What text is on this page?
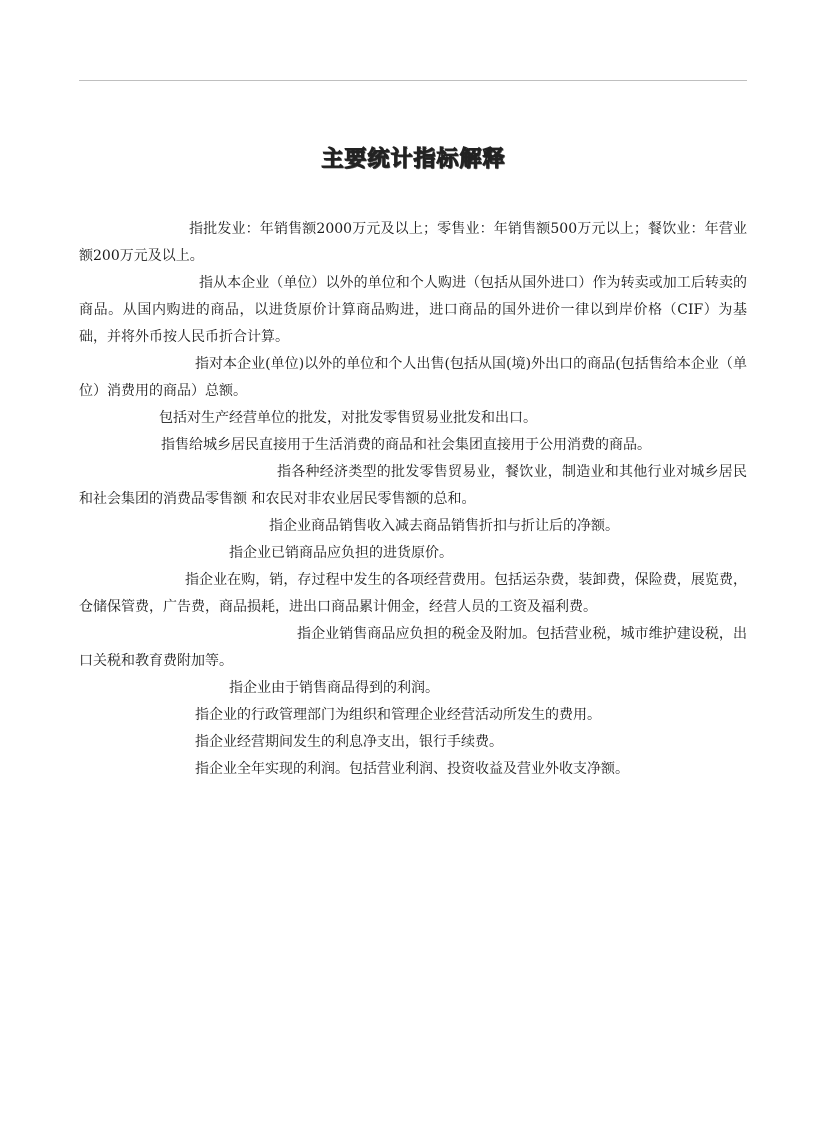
主要统计指标解释

指批发业：年销售额2000万元及以上；零售业：年销售额500万元以上；餐饮业：年营业额200万元及以上。

指从本企业（单位）以外的单位和个人购进（包括从国外进口）作为转卖或加工后转卖的商品。从国内购进的商品，以进货原价计算商品购进，进口商品的国外进价一律以到岸价格（CIF）为基础，并将外币按人民币折合计算。

指对本企业(单位)以外的单位和个人出售(包括从国(境)外出口的商品(包括售给本企业（单位）消费用的商品）总额。

包括对生产经营单位的批发，对批发零售贸易业批发和出口。

指售给城乡居民直接用于生活消费的商品和社会集团直接用于公用消费的商品。

指各种经济类型的批发零售贸易业，餐饮业，制造业和其他行业对城乡居民和社会集团的消费品零售额 和农民对非农业居民零售额的总和。

指企业商品销售收入减去商品销售折扣与折让后的净额。

指企业已销商品应负担的进货原价。

指企业在购，销，存过程中发生的各项经营费用。包括运杂费，装卸费，保险费，展览费，仓储保管费，广告费，商品损耗，进出口商品累计佣金，经营人员的工资及福利费。

指企业销售商品应负担的税金及附加。包括营业税，城市维护建设税，出口关税和教育费附加等。

指企业由于销售商品得到的利润。

指企业的行政管理部门为组织和管理企业经营活动所发生的费用。

指企业经营期间发生的利息净支出，银行手续费。

指企业全年实现的利润。包括营业利润、投资收益及营业外收支净额。
